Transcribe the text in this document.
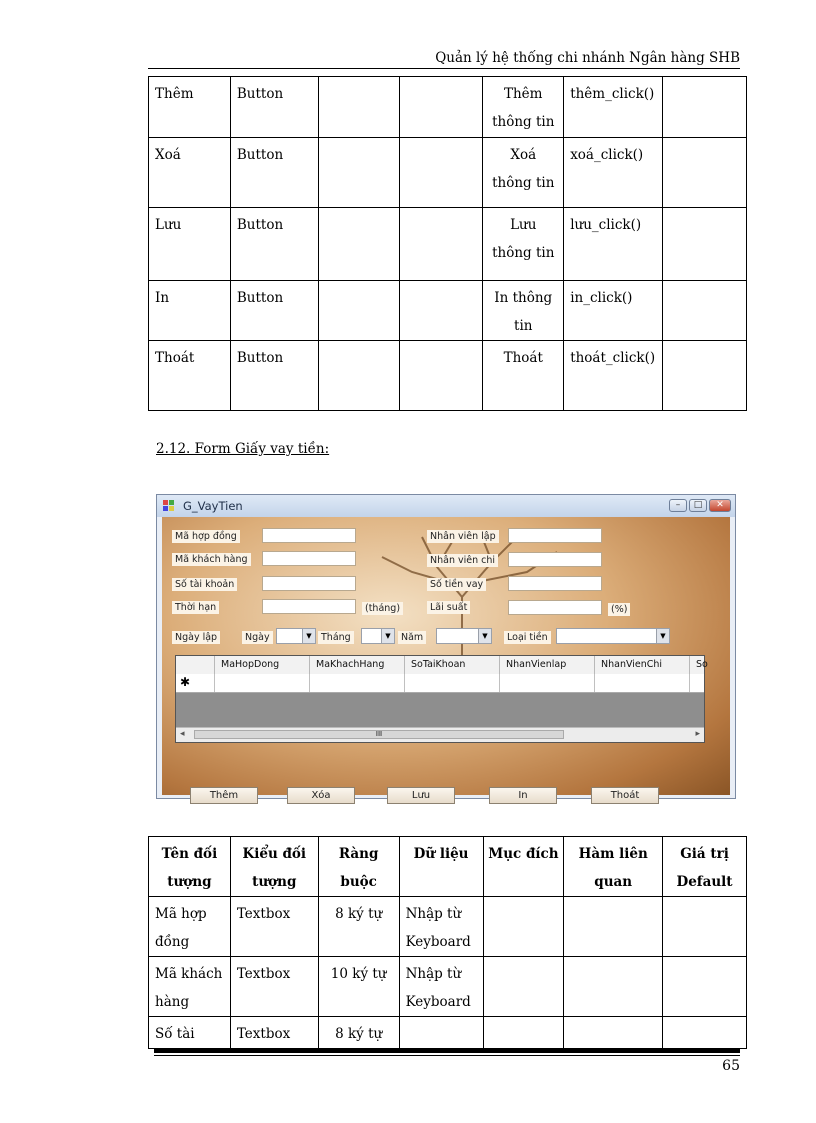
Quản lý hệ thống chi nhánh Ngân hàng SHB
Thêm	Button			Thêm thông tin	thêm_click()	
Xoá	Button			Xoá thông tin	xoá_click()	
Lưu	Button			Lưu thông tin	lưu_click()	
In	Button			In thông tin	in_click()	
Thoát	Button			Thoát	thoát_click()	
2.12. Form Giấy vay tiền:
G_VayTien	–	□	✕
Mã hợp đồng
Mã khách hàng
Số tài khoản
Thời hạn	(tháng)
Nhân viên lập
Nhân viên chi
Số tiền vay
Lãi suất	(%)
Ngày lập	Ngày	▼ Tháng	▼	Năm	▼	Loại tiền	▼
MaHopDong	MaKhachHang	SoTaiKhoan	NhanVienlap	NhanVienChi	So
✱
◂	III	▸
Thêm	Xóa	Lưu	In	Thoát
Tên đối tượng	Kiểu đối tượng	Ràng buộc	Dữ liệu	Mục đích	Hàm liên quan	Giá trị Default
Mã hợp đồng	Textbox	8 ký tự	Nhập từ Keyboard			
Mã khách hàng	Textbox	10 ký tự	Nhập từ Keyboard			
Số tài	Textbox	8 ký tự				
65
